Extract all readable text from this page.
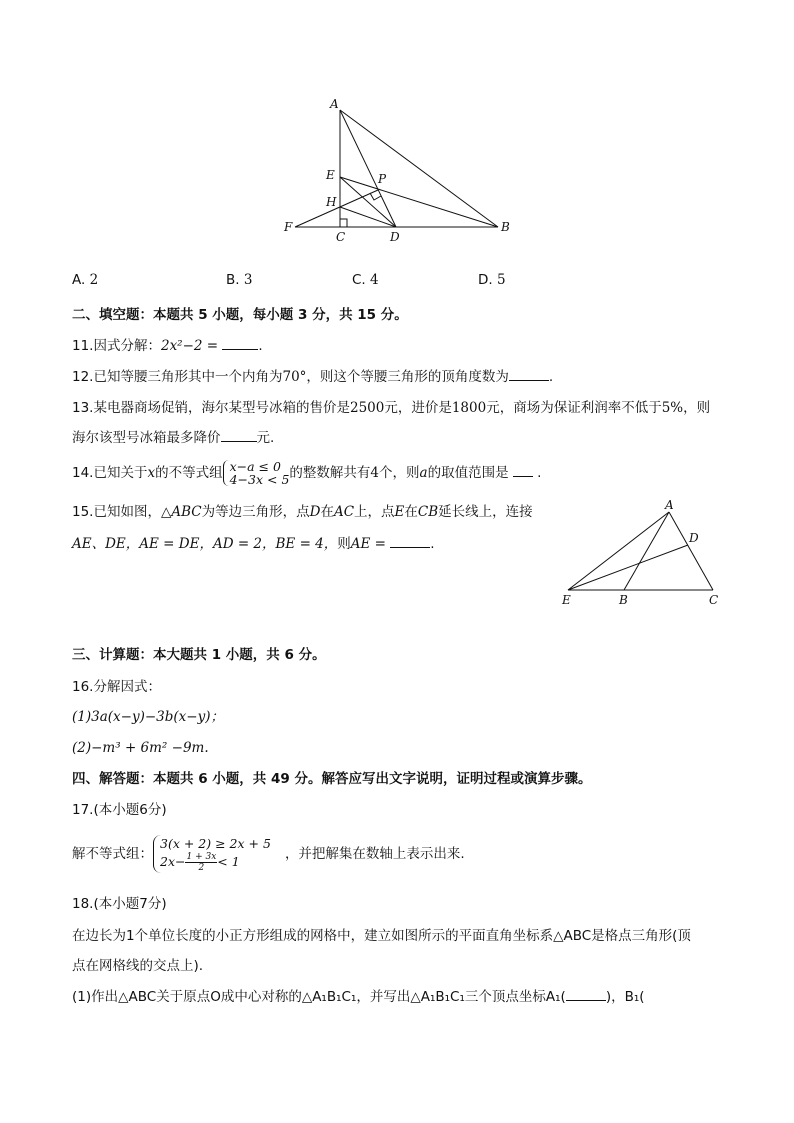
A
E	P
H
F
C	D
B
A. 2	B. 3	C. 4	D. 5
二、填空题：本题共 5 小题，每小题 3 分，共 15 分。
11.因式分解：2x²−2 =	.
12.已知等腰三角形其中一个内角为70°，则这个等腰三角形的顶角度数为	.
13.某电器商场促销，海尔某型号冰箱的售价是2500元，进价是1800元，商场为保证利润率不低于5%，则
海尔该型号冰箱最多降价	元.
14.已知关于x的不等式组 x−a ≤ 0
4−3x < 5 的整数解共有4个，则a的取值范围是 .
15.已知如图，△ABC为等边三角形，点D在AC上，点E在CB延长线上，连接
AE、DE，AE = DE，AD = 2，BE = 4，则AE =	.
A
D
E	B	C
三、计算题：本大题共 1 小题，共 6 分。
16.分解因式：
(1)3a(x−y)−3b(x−y)；
(2)−m³ + 6m² −9m.
四、解答题：本题共 6 小题，共 49 分。解答应写出文字说明，证明过程或演算步骤。
17.(本小题6分)
解不等式组：
3(x + 2) ≥ 2x + 5
$2x- \frac{1 + 3x}{2} < 1$	，并把解集在数轴上表示出来.
18.(本小题7分)
在边长为1个单位长度的小正方形组成的网格中，建立如图所示的平面直角坐标系△ABC是格点三角形(顶
点在网格线的交点上).
(1)作出△ABC关于原点O成中心对称的△A₁B₁C₁，并写出△A₁B₁C₁三个顶点坐标A₁(	)，B₁(
